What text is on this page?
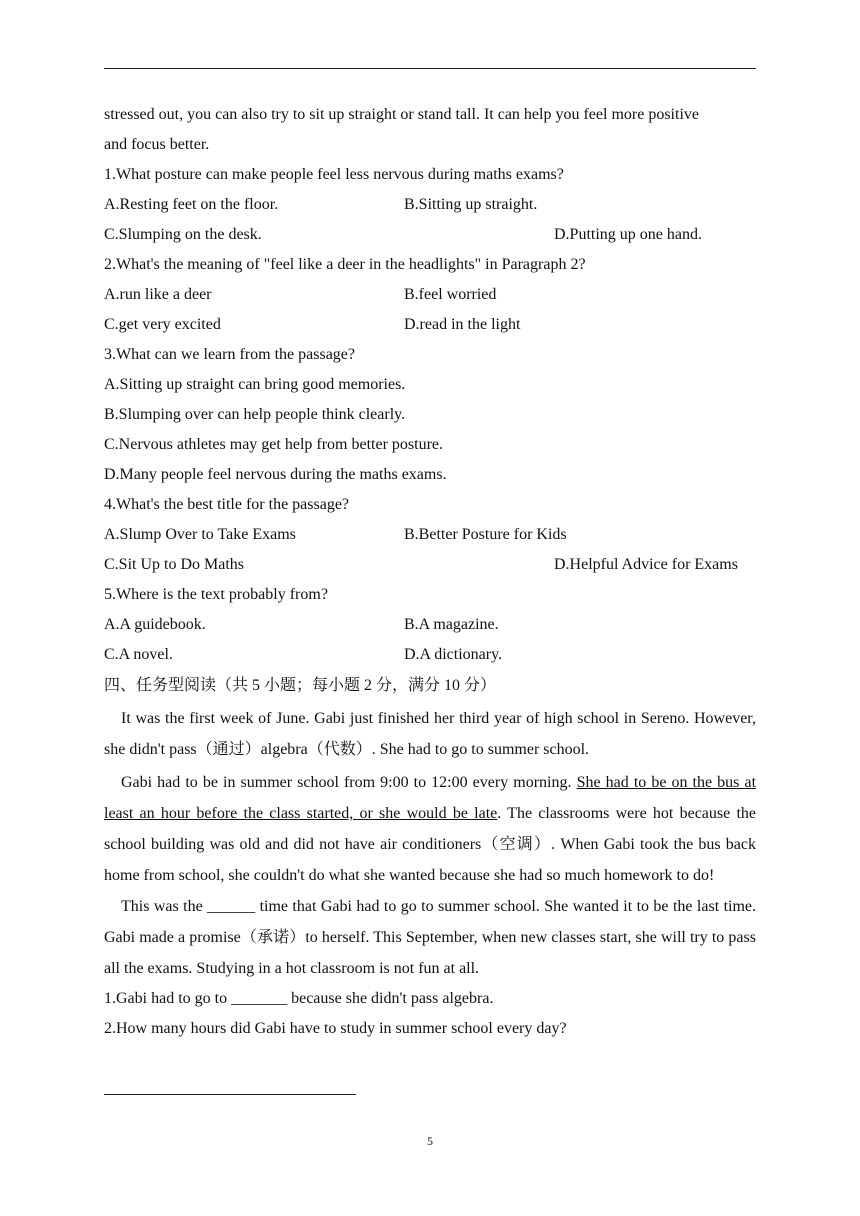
stressed out, you can also try to sit up straight or stand tall. It can help you feel more positive
and focus better.
1.What posture can make people feel less nervous during maths exams?
A.Resting feet on the floor.	B.Sitting up straight.
C.Slumping on the desk.	D.Putting up one hand.
2.What's the meaning of "feel like a deer in the headlights" in Paragraph 2?
A.run like a deer	B.feel worried
C.get very excited	D.read in the light
3.What can we learn from the passage?
A.Sitting up straight can bring good memories.
B.Slumping over can help people think clearly.
C.Nervous athletes may get help from better posture.
D.Many people feel nervous during the maths exams.
4.What's the best title for the passage?
A.Slump Over to Take Exams	B.Better Posture for Kids
C.Sit Up to Do Maths	D.Helpful Advice for Exams
5.Where is the text probably from?
A.A guidebook.	B.A magazine.
C.A novel.	D.A dictionary.
四、任务型阅读（共 5 小题；每小题 2 分，满分 10 分）

It was the first week of June. Gabi just finished her third year of high school in Sereno. However, she didn't pass（通过）algebra（代数）. She had to go to summer school.

Gabi had to be in summer school from 9:00 to 12:00 every morning. She had to be on the bus at least an hour before the class started, or she would be late. The classrooms were hot because the school building was old and did not have air conditioners（空调）. When Gabi took the bus back home from school, she couldn't do what she wanted because she had so much homework to do!

This was the ______ time that Gabi had to go to summer school. She wanted it to be the last time. Gabi made a promise（承诺）to herself. This September, when new classes start, she will try to pass all the exams. Studying in a hot classroom is not fun at all.

1.Gabi had to go to _______ because she didn't pass algebra.
2.How many hours did Gabi have to study in summer school every day?
5
